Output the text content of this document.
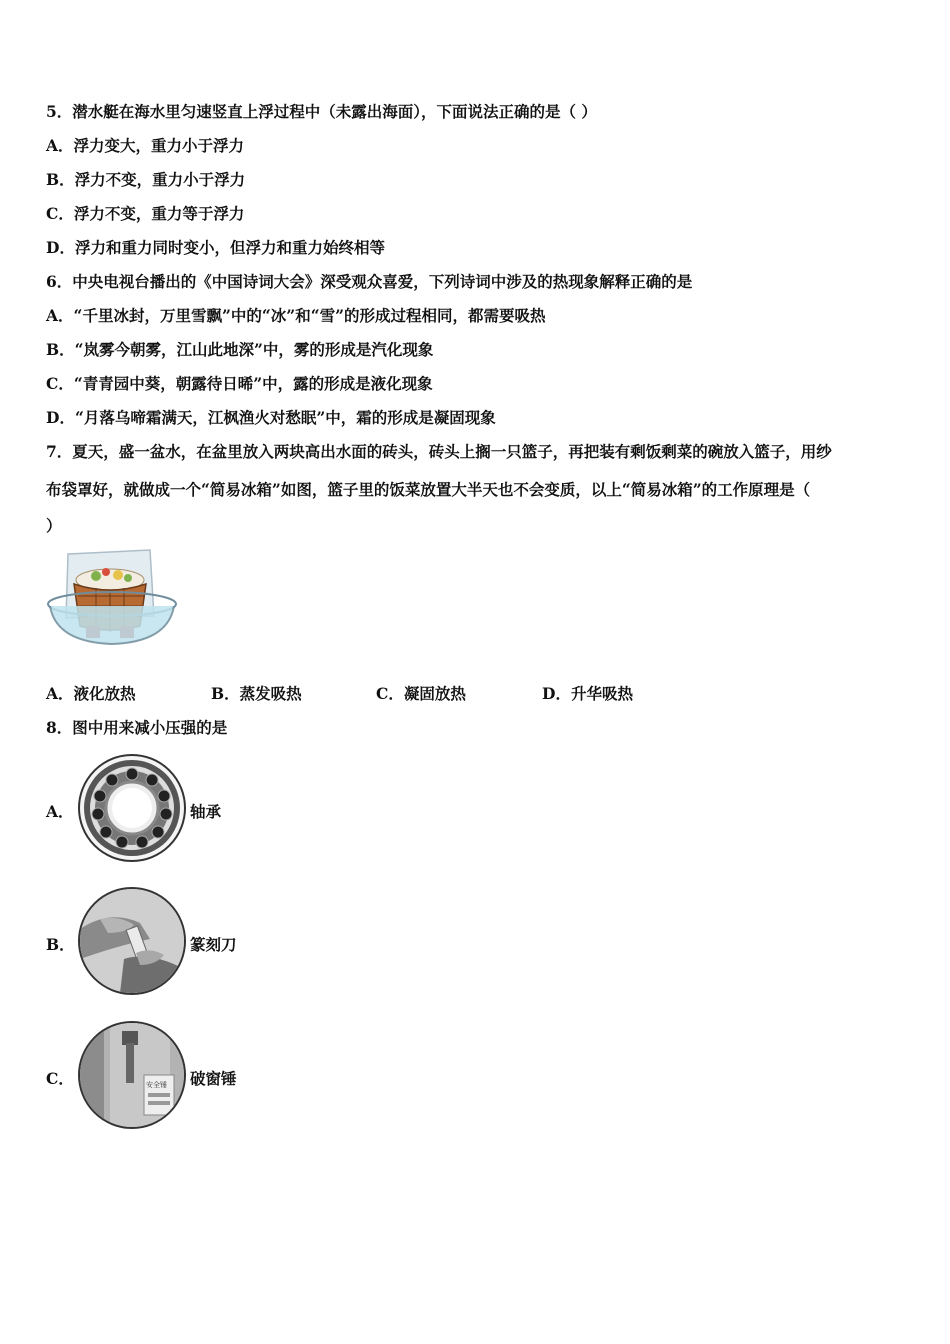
5．潜水艇在海水里匀速竖直上浮过程中（未露出海面），下面说法正确的是（ ）
A．浮力变大，重力小于浮力
B．浮力不变，重力小于浮力
C．浮力不变，重力等于浮力
D．浮力和重力同时变小，但浮力和重力始终相等
6．中央电视台播出的《中国诗词大会》深受观众喜爱，下列诗词中涉及的热现象解释正确的是
A．“千里冰封，万里雪飘”中的“冰”和“雪”的形成过程相同，都需要吸热
B．“岚雾今朝雾，江山此地深”中，雾的形成是汽化现象
C．“青青园中葵，朝露待日晞”中，露的形成是液化现象
D．“月落乌啼霜满天，江枫渔火对愁眠”中，霜的形成是凝固现象
7．夏天，盛一盆水，在盆里放入两块高出水面的砖头，砖头上搁一只篮子，再把装有剩饭剩菜的碗放入篮子，用纱
布袋罩好，就做成一个“简易冰箱”如图，篮子里的饭菜放置大半天也不会变质，以上“简易冰箱”的工作原理是（
）
A．液化放热	B．蒸发吸热	C．凝固放热	D．升华吸热
8．图中用来减小压强的是
A．	轴承
B．	篆刻刀
C．	安全锤 破窗锤
